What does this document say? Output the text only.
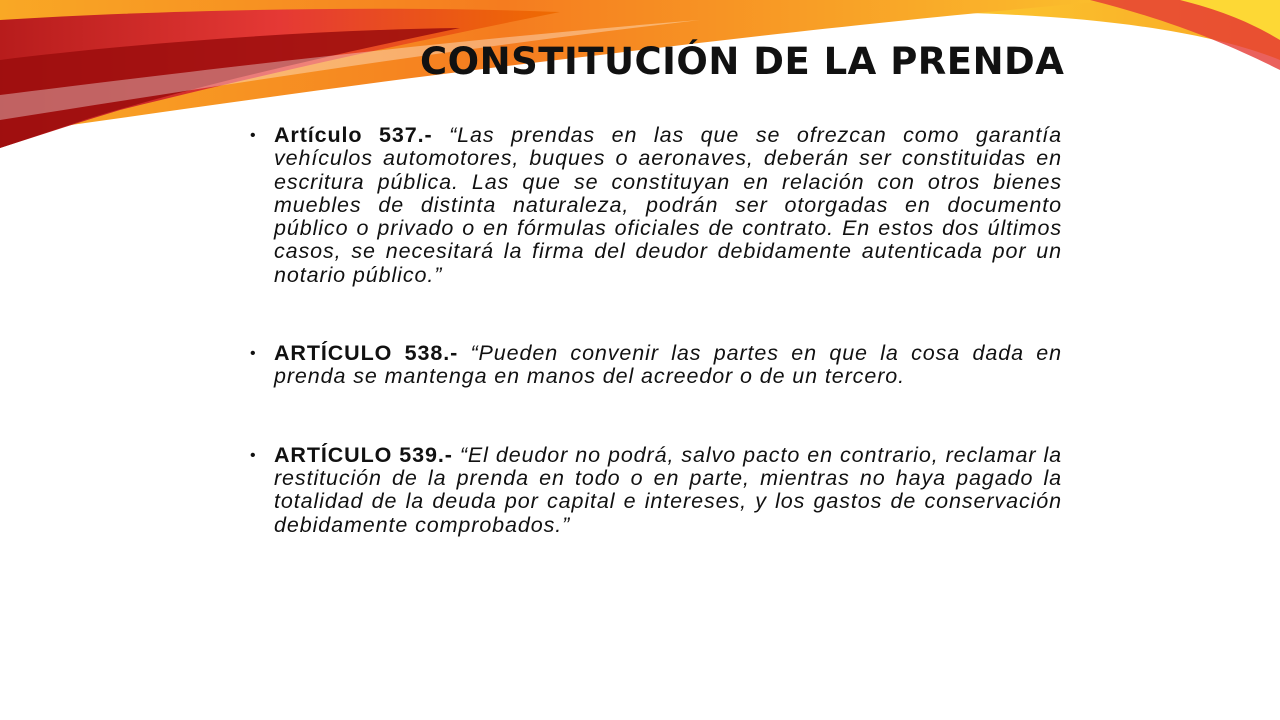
CONSTITUCIÓN DE LA PRENDA
• Artículo 537.- “Las prendas en las que se ofrezcan como garantía vehículos automotores, buques o aeronaves, deberán ser constituidas en escritura pública. Las que se constituyan en relación con otros bienes muebles de distinta naturaleza, podrán ser otorgadas en documento público o privado o en fórmulas oficiales de contrato. En estos dos últimos casos, se necesitará la firma del deudor debidamente autenticada por un notario público.”
• ARTÍCULO 538.- “Pueden convenir las partes en que la cosa dada en prenda se mantenga en manos del acreedor o de un tercero.
• ARTÍCULO 539.- “El deudor no podrá, salvo pacto en contrario, reclamar la restitución de la prenda en todo o en parte, mientras no haya pagado la totalidad de la deuda por capital e intereses, y los gastos de conservación debidamente comprobados.”
